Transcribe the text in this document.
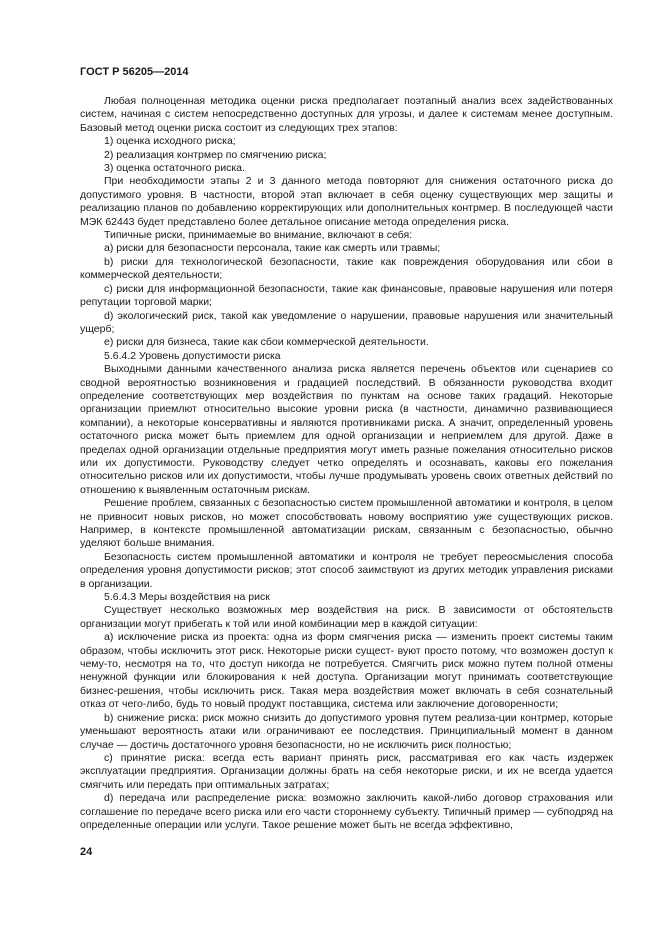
ГОСТ Р 56205—2014

Любая полноценная методика оценки риска предполагает поэтапный анализ всех задействованных систем, начиная с систем непосредственно доступных для угрозы, и далее к системам менее доступным. Базовый метод оценки риска состоит из следующих трех этапов:

1) оценка исходного риска;

2) реализация контрмер по смягчению риска;

3) оценка остаточного риска.

При необходимости этапы 2 и 3 данного метода повторяют для снижения остаточного риска до допустимого уровня. В частности, второй этап включает в себя оценку существующих мер защиты и реализацию планов по добавлению корректирующих или дополнительных контрмер. В последующей части МЭК 62443 будет представлено более детальное описание метода определения риска.

Типичные риски, принимаемые во внимание, включают в себя:

a) риски для безопасности персонала, такие как смерть или травмы;

b) риски для технологической безопасности, такие как повреждения оборудования или сбои в коммерческой деятельности;

c) риски для информационной безопасности, такие как финансовые, правовые нарушения или потеря репутации торговой марки;

d) экологический риск, такой как уведомление о нарушении, правовые нарушения или значительный ущерб;

e) риски для бизнеса, такие как сбои коммерческой деятельности.

5.6.4.2 Уровень допустимости риска

Выходными данными качественного анализа риска является перечень объектов или сценариев со сводной вероятностью возникновения и градацией последствий. В обязанности руководства входит определение соответствующих мер воздействия по пунктам на основе таких градаций. Некоторые организации приемлют относительно высокие уровни риска (в частности, динамично развивающиеся компании), а некоторые консервативны и являются противниками риска. А значит, определенный уровень остаточного риска может быть приемлем для одной организации и неприемлем для другой. Даже в пределах одной организации отдельные предприятия могут иметь разные пожелания относительно рисков или их допустимости. Руководству следует четко определять и осознавать, каковы его пожелания относительно рисков или их допустимости, чтобы лучше продумывать уровень своих ответных действий по отношению к выявленным остаточным рискам.

Решение проблем, связанных с безопасностью систем промышленной автоматики и контроля, в целом не привносит новых рисков, но может способствовать новому восприятию уже существующих рисков. Например, в контексте промышленной автоматизации рискам, связанным с безопасностью, обычно уделяют больше внимания.

Безопасность систем промышленной автоматики и контроля не требует переосмысления способа определения уровня допустимости рисков; этот способ заимствуют из других методик управления рисками в организации.

5.6.4.3 Меры воздействия на риск

Существует несколько возможных мер воздействия на риск. В зависимости от обстоятельств организации могут прибегать к той или иной комбинации мер в каждой ситуации:

a) исключение риска из проекта: одна из форм смягчения риска — изменить проект системы таким образом, чтобы исключить этот риск. Некоторые риски сущест- вуют просто потому, что возможен доступ к чему-то, несмотря на то, что доступ никогда не потребуется. Смягчить риск можно путем полной отмены ненужной функции или блокирования к ней доступа. Организации могут принимать соответствующие бизнес-решения, чтобы исключить риск. Такая мера воздействия может включать в себя сознательный отказ от чего-либо, будь то новый продукт поставщика, система или заключение договоренности;

b) снижение риска: риск можно снизить до допустимого уровня путем реализа-ции контрмер, которые уменьшают вероятность атаки или ограничивают ее последствия. Принципиальный момент в данном случае — достичь достаточного уровня безопасности, но не исключить риск полностью;

c) принятие риска: всегда есть вариант принять риск, рассматривая его как часть издержек эксплуатации предприятия. Организации должны брать на себя некоторые риски, и их не всегда удается смягчить или передать при оптимальных затратах;

d) передача или распределение риска: возможно заключить какой-либо договор страхования или соглашение по передаче всего риска или его части стороннему субъекту. Типичный пример — субподряд на определенные операции или услуги. Такое решение может быть не всегда эффективно,

24
